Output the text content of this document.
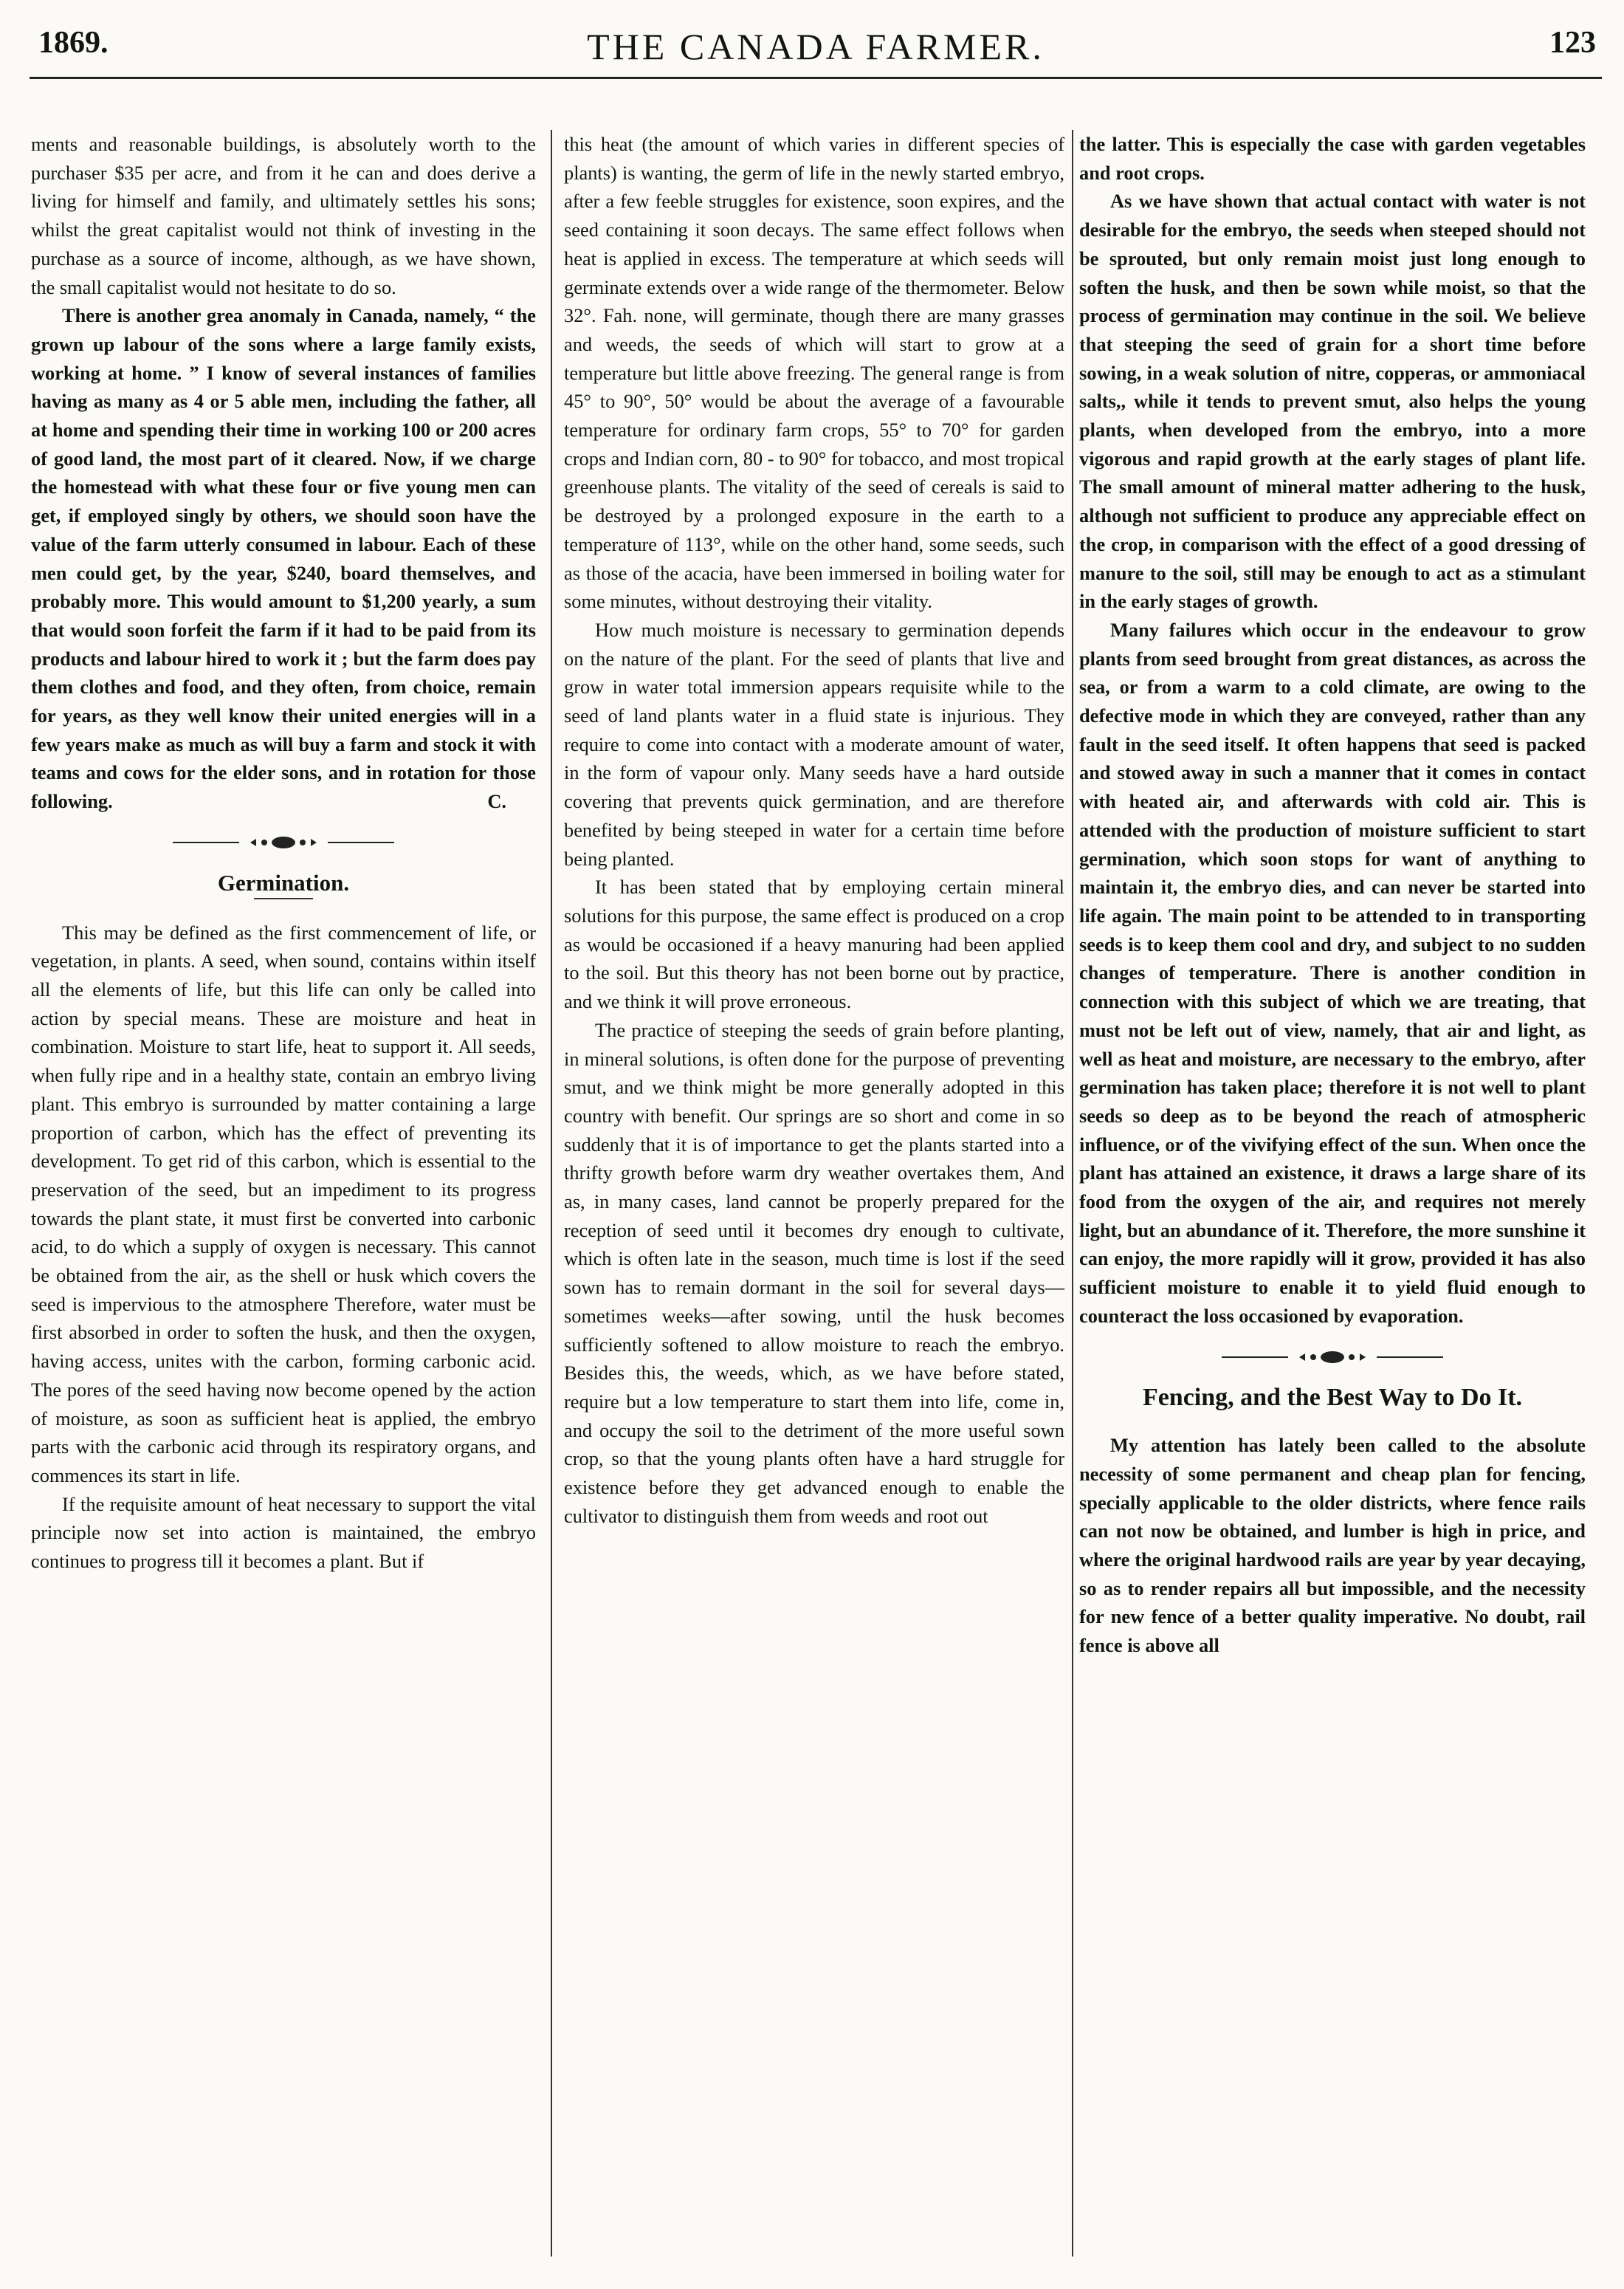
1869.	THE CANADA FARMER.	123

ments and reasonable buildings, is absolutely worth to the purchaser $35 per acre, and from it he can and does derive a living for himself and family, and ultimately settles his sons; whilst the great capitalist would not think of investing in the purchase as a source of income, although, as we have shown, the small capitalist would not hesitate to do so.

There is another grea anomaly in Canada, namely, “ the grown up labour of the sons where a large family exists, working at home. ” I know of several instances of families having as many as 4 or 5 able men, including the father, all at home and spending their time in working 100 or 200 acres of good land, the most part of it cleared. Now, if we charge the homestead with what these four or five young men can get, if employed singly by others, we should soon have the value of the farm utterly consumed in labour. Each of these men could get, by the year, $240, board themselves, and probably more. This would amount to $1,200 yearly, a sum that would soon forfeit the farm if it had to be paid from its products and labour hired to work it ; but the farm does pay them clothes and food, and they often, from choice, remain for years, as they well know their united energies will in a few years make as much as will buy a farm and stock it with teams and cows for the elder sons, and in rotation for those following.	C.

Germination.

This may be defined as the first commencement of life, or vegetation, in plants. A seed, when sound, contains within itself all the elements of life, but this life can only be called into action by special means. These are moisture and heat in combination. Moisture to start life, heat to support it. All seeds, when fully ripe and in a healthy state, contain an embryo living plant. This embryo is surrounded by matter containing a large proportion of carbon, which has the effect of preventing its development. To get rid of this carbon, which is essential to the preservation of the seed, but an impediment to its progress towards the plant state, it must first be converted into carbonic acid, to do which a supply of oxygen is necessary. This cannot be obtained from the air, as the shell or husk which covers the seed is impervious to the atmosphere Therefore, water must be first absorbed in order to soften the husk, and then the oxygen, having access, unites with the carbon, forming carbonic acid. The pores of the seed having now become opened by the action of moisture, as soon as sufficient heat is applied, the embryo parts with the carbonic acid through its respiratory organs, and commences its start in life.

If the requisite amount of heat necessary to support the vital principle now set into action is maintained, the embryo continues to progress till it becomes a plant. But if

this heat (the amount of which varies in different species of plants) is wanting, the germ of life in the newly started embryo, after a few feeble struggles for existence, soon expires, and the seed containing it soon decays. The same effect follows when heat is applied in excess. The temperature at which seeds will germinate extends over a wide range of the thermometer. Below 32°. Fah. none, will germinate, though there are many grasses and weeds, the seeds of which will start to grow at a temperature but little above freezing. The general range is from 45° to 90°, 50° would be about the average of a favourable temperature for ordinary farm crops, 55° to 70° for garden crops and Indian corn, 80 - to 90° for tobacco, and most tropical greenhouse plants. The vitality of the seed of cereals is said to be destroyed by a prolonged exposure in the earth to a temperature of 113°, while on the other hand, some seeds, such as those of the acacia, have been immersed in boiling water for some minutes, without destroying their vitality.

How much moisture is necessary to germination depends on the nature of the plant. For the seed of plants that live and grow in water total immersion appears requisite while to the seed of land plants water in a fluid state is injurious. They require to come into contact with a moderate amount of water, in the form of vapour only. Many seeds have a hard outside covering that prevents quick germination, and are therefore benefited by being steeped in water for a certain time before being planted.

It has been stated that by employing certain mineral solutions for this purpose, the same effect is produced on a crop as would be occasioned if a heavy manuring had been applied to the soil. But this theory has not been borne out by practice, and we think it will prove erroneous.

The practice of steeping the seeds of grain before planting, in mineral solutions, is often done for the purpose of preventing smut, and we think might be more generally adopted in this country with benefit. Our springs are so short and come in so suddenly that it is of importance to get the plants started into a thrifty growth before warm dry weather overtakes them, And as, in many cases, land cannot be properly prepared for the reception of seed until it becomes dry enough to cultivate, which is often late in the season, much time is lost if the seed sown has to remain dormant in the soil for several days—sometimes weeks—after sowing, until the husk becomes sufficiently softened to allow moisture to reach the embryo. Besides this, the weeds, which, as we have before stated, require but a low temperature to start them into life, come in, and occupy the soil to the detriment of the more useful sown crop, so that the young plants often have a hard struggle for existence before they get advanced enough to enable the cultivator to distinguish them from weeds and root out

the latter. This is especially the case with garden vegetables and root crops.

As we have shown that actual contact with water is not desirable for the embryo, the seeds when steeped should not be sprouted, but only remain moist just long enough to soften the husk, and then be sown while moist, so that the process of germination may continue in the soil. We believe that steeping the seed of grain for a short time before sowing, in a weak solution of nitre, copperas, or ammoniacal salts,, while it tends to prevent smut, also helps the young plants, when developed from the embryo, into a more vigorous and rapid growth at the early stages of plant life. The small amount of mineral matter adhering to the husk, although not sufficient to produce any appreciable effect on the crop, in comparison with the effect of a good dressing of manure to the soil, still may be enough to act as a stimulant in the early stages of growth.

Many failures which occur in the endeavour to grow plants from seed brought from great distances, as across the sea, or from a warm to a cold climate, are owing to the defective mode in which they are conveyed, rather than any fault in the seed itself. It often happens that seed is packed and stowed away in such a manner that it comes in contact with heated air, and afterwards with cold air. This is attended with the production of moisture sufficient to start germination, which soon stops for want of anything to maintain it, the embryo dies, and can never be started into life again. The main point to be attended to in transporting seeds is to keep them cool and dry, and subject to no sudden changes of temperature. There is another condition in connection with this subject of which we are treating, that must not be left out of view, namely, that air and light, as well as heat and moisture, are necessary to the embryo, after germination has taken place; therefore it is not well to plant seeds so deep as to be beyond the reach of atmospheric influence, or of the vivifying effect of the sun. When once the plant has attained an existence, it draws a large share of its food from the oxygen of the air, and requires not merely light, but an abundance of it. Therefore, the more sunshine it can enjoy, the more rapidly will it grow, provided it has also sufficient moisture to enable it to yield fluid enough to counteract the loss occasioned by evaporation.

Fencing, and the Best Way to Do It.

My attention has lately been called to the absolute necessity of some permanent and cheap plan for fencing, specially applicable to the older districts, where fence rails can not now be obtained, and lumber is high in price, and where the original hardwood rails are year by year decaying, so as to render repairs all but impossible, and the necessity for new fence of a better quality imperative. No doubt, rail fence is above all
